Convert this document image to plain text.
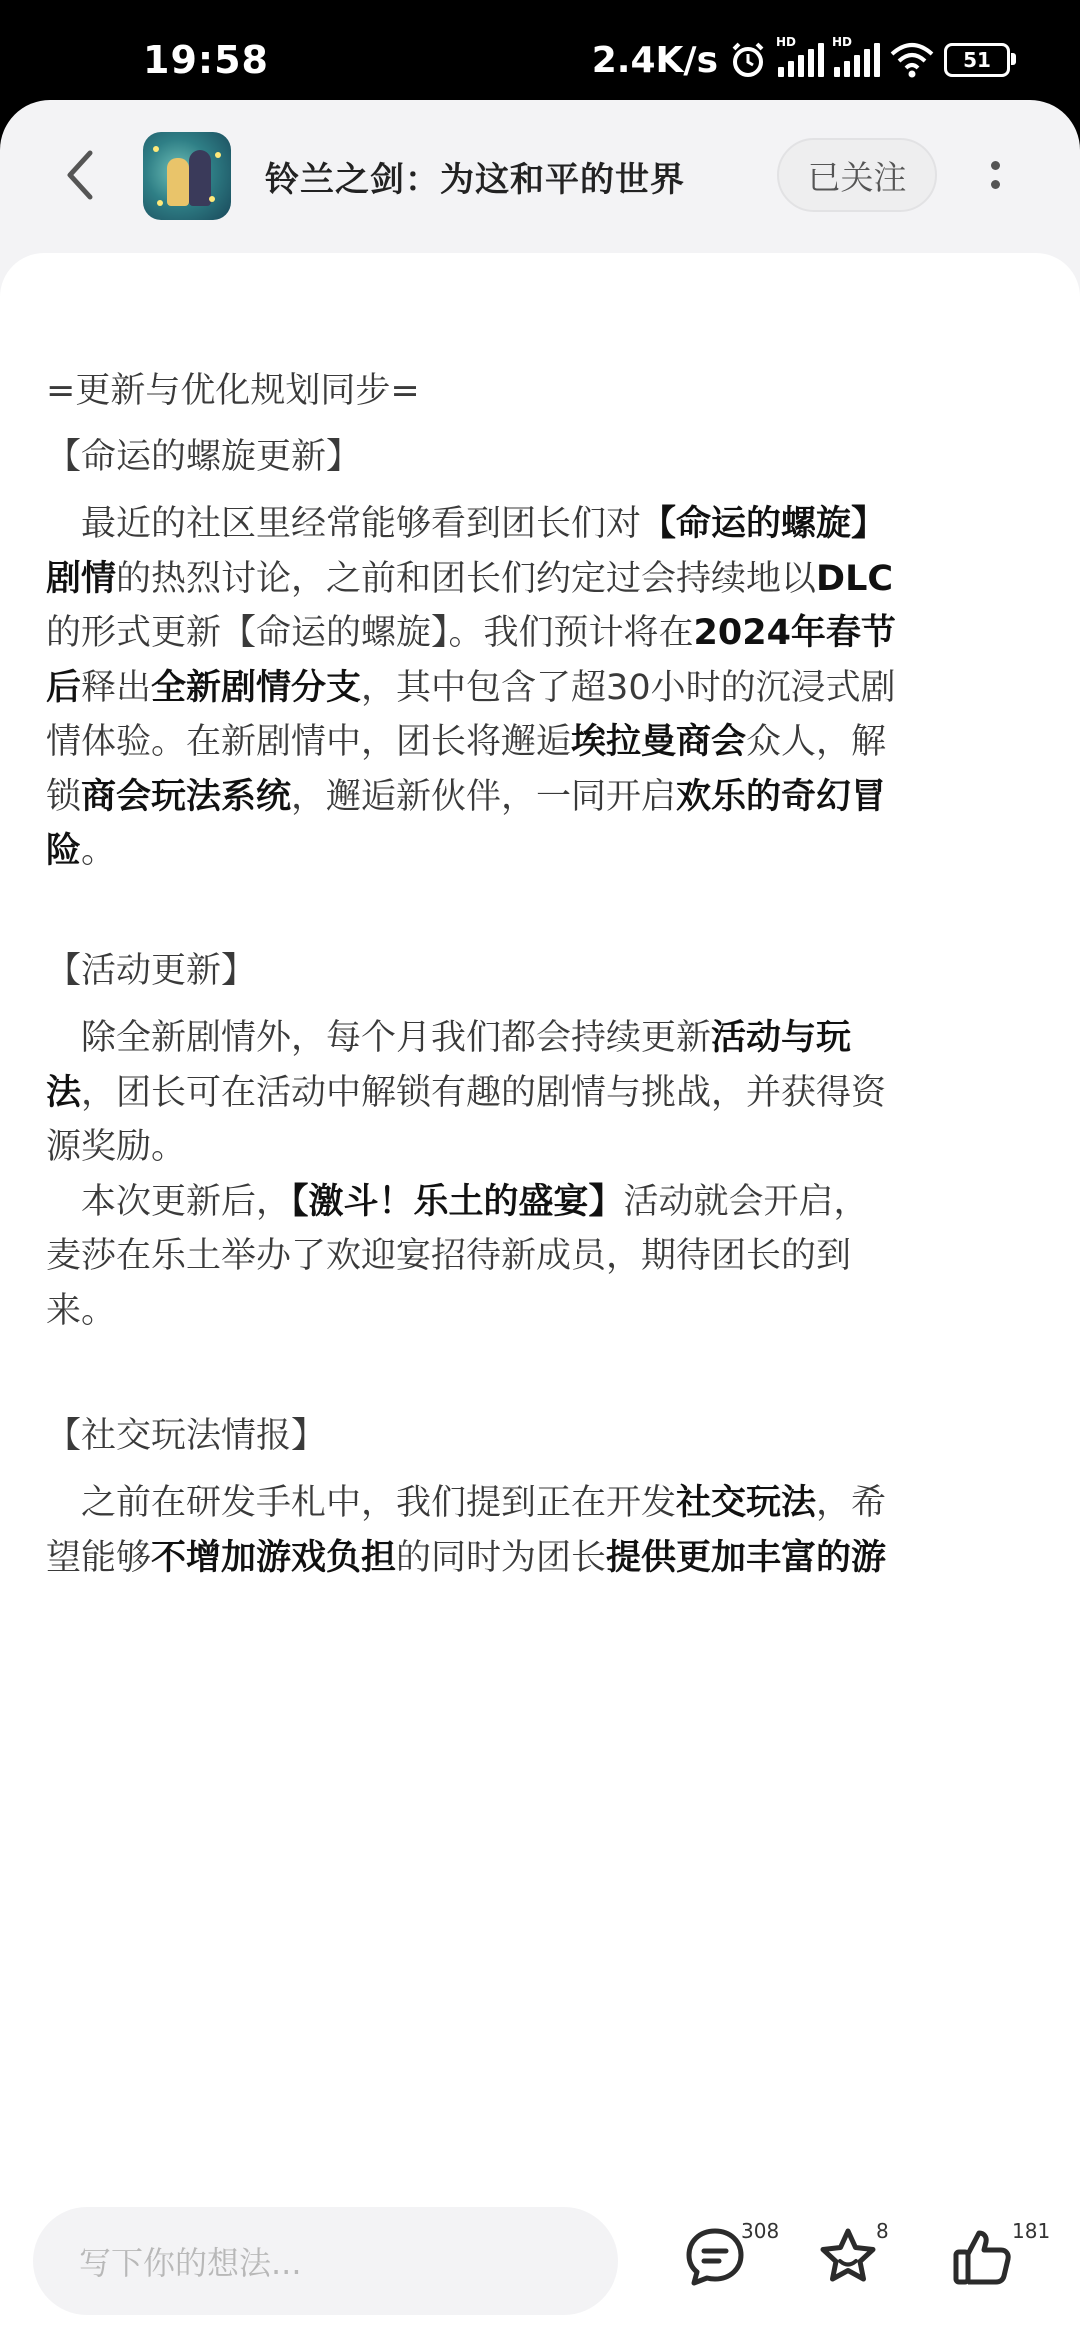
19:58	2.4K/s	HD	HD
51
铃兰之剑：为这和平的世界	已关注
=更新与优化规划同步=
【命运的螺旋更新】
　最近的社区里经常能够看到团长们对【命运的螺旋】
剧情的热烈讨论，之前和团长们约定过会持续地以DLC
的形式更新【命运的螺旋】。我们预计将在2024年春节
后释出全新剧情分支，其中包含了超30小时的沉浸式剧
情体验。在新剧情中，团长将邂逅埃拉曼商会众人，解
锁商会玩法系统，邂逅新伙伴，一同开启欢乐的奇幻冒
险。
【活动更新】
　除全新剧情外，每个月我们都会持续更新活动与玩
法，团长可在活动中解锁有趣的剧情与挑战，并获得资
源奖励。
　本次更新后，【激斗！乐土的盛宴】活动就会开启，
麦莎在乐土举办了欢迎宴招待新成员，期待团长的到
来。
【社交玩法情报】
　之前在研发手札中，我们提到正在开发社交玩法，希
望能够不增加游戏负担的同时为团长提供更加丰富的游
写下你的想法...
308	8	181
